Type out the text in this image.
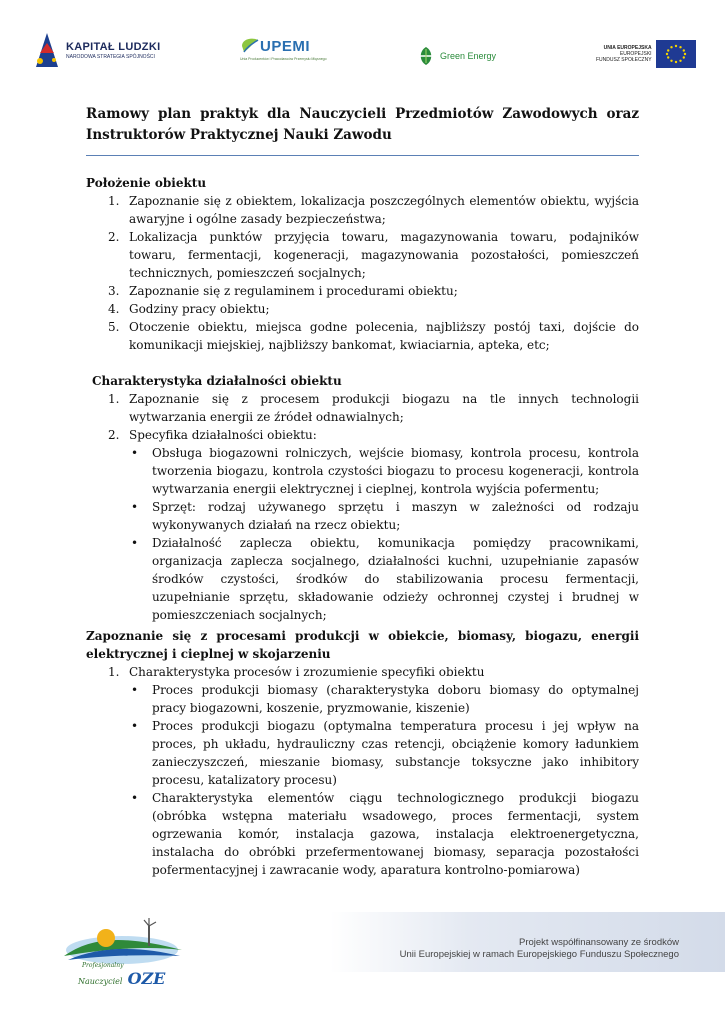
KAPITAŁ LUDZKI
NARODOWA STRATEGIA SPÓJNOŚCI
UPEMI
Unia Producentów i Pracodawców Przemysłu Mięsnego	Green Energy
UNIA EUROPEJSKA
EUROPEJSKI
FUNDUSZ SPOŁECZNY

Ramowy plan praktyk dla Nauczycieli Przedmiotów Zawodowych oraz Instruktorów Praktycznej Nauki Zawodu

Położenie obiektu

1. Zapoznanie się z obiektem, lokalizacja poszczególnych elementów obiektu, wyjścia awaryjne i ogólne zasady bezpieczeństwa;
2. Lokalizacja punktów przyjęcia towaru, magazynowania towaru, podajników towaru, fermentacji, kogeneracji, magazynowania pozostałości, pomieszczeń technicznych, pomieszczeń socjalnych;
3. Zapoznanie się z regulaminem i procedurami obiektu;
4. Godziny pracy obiektu;
5. Otoczenie obiektu, miejsca godne polecenia, najbliższy postój taxi, dojście do komunikacji miejskiej, najbliższy bankomat, kwiaciarnia, apteka, etc;

Charakterystyka działalności obiektu

1. Zapoznanie się z procesem produkcji biogazu na tle innych technologii wytwarzania energii ze źródeł odnawialnych;
2. Specyfika działalności obiektu:
• Obsługa biogazowni rolniczych, wejście biomasy, kontrola procesu, kontrola tworzenia biogazu, kontrola czystości biogazu to procesu kogeneracji, kontrola wytwarzania energii elektrycznej i cieplnej, kontrola wyjścia pofermentu;
• Sprzęt: rodzaj używanego sprzętu i maszyn w zależności od rodzaju wykonywanych działań na rzecz obiektu;
• Działalność zaplecza obiektu, komunikacja pomiędzy pracownikami, organizacja zaplecza socjalnego, działalności kuchni, uzupełnianie zapasów środków czystości, środków do stabilizowania procesu fermentacji, uzupełnianie sprzętu, składowanie odzieży ochronnej czystej i brudnej w pomieszczeniach socjalnych;

Zapoznanie się z procesami produkcji w obiekcie, biomasy, biogazu, energii elektrycznej i cieplnej w skojarzeniu

1. Charakterystyka procesów i zrozumienie specyfiki obiektu
• Proces produkcji biomasy (charakterystyka doboru biomasy do optymalnej pracy biogazowni, koszenie, pryzmowanie, kiszenie)
• Proces produkcji biogazu (optymalna temperatura procesu i jej wpływ na proces, ph układu, hydrauliczny czas retencji, obciążenie komory ładunkiem zanieczyszczeń, mieszanie biomasy, substancje toksyczne jako inhibitory procesu, katalizatory procesu)
• Charakterystyka elementów ciągu technologicznego produkcji biogazu (obróbka wstępna materiału wsadowego, proces fermentacji, system ogrzewania komór, instalacja gazowa, instalacja elektroenergetyczna, instalacha do obróbki przefermentowanej biomasy, separacja pozostałości pofermentacyjnej i zawracanie wody, aparatura kontrolno-pomiarowa)
Projekt współfinansowany ze środków
Unii Europejskiej w ramach Europejskiego Funduszu Społecznego
Profesjonalny
Nauczyciel OZE
